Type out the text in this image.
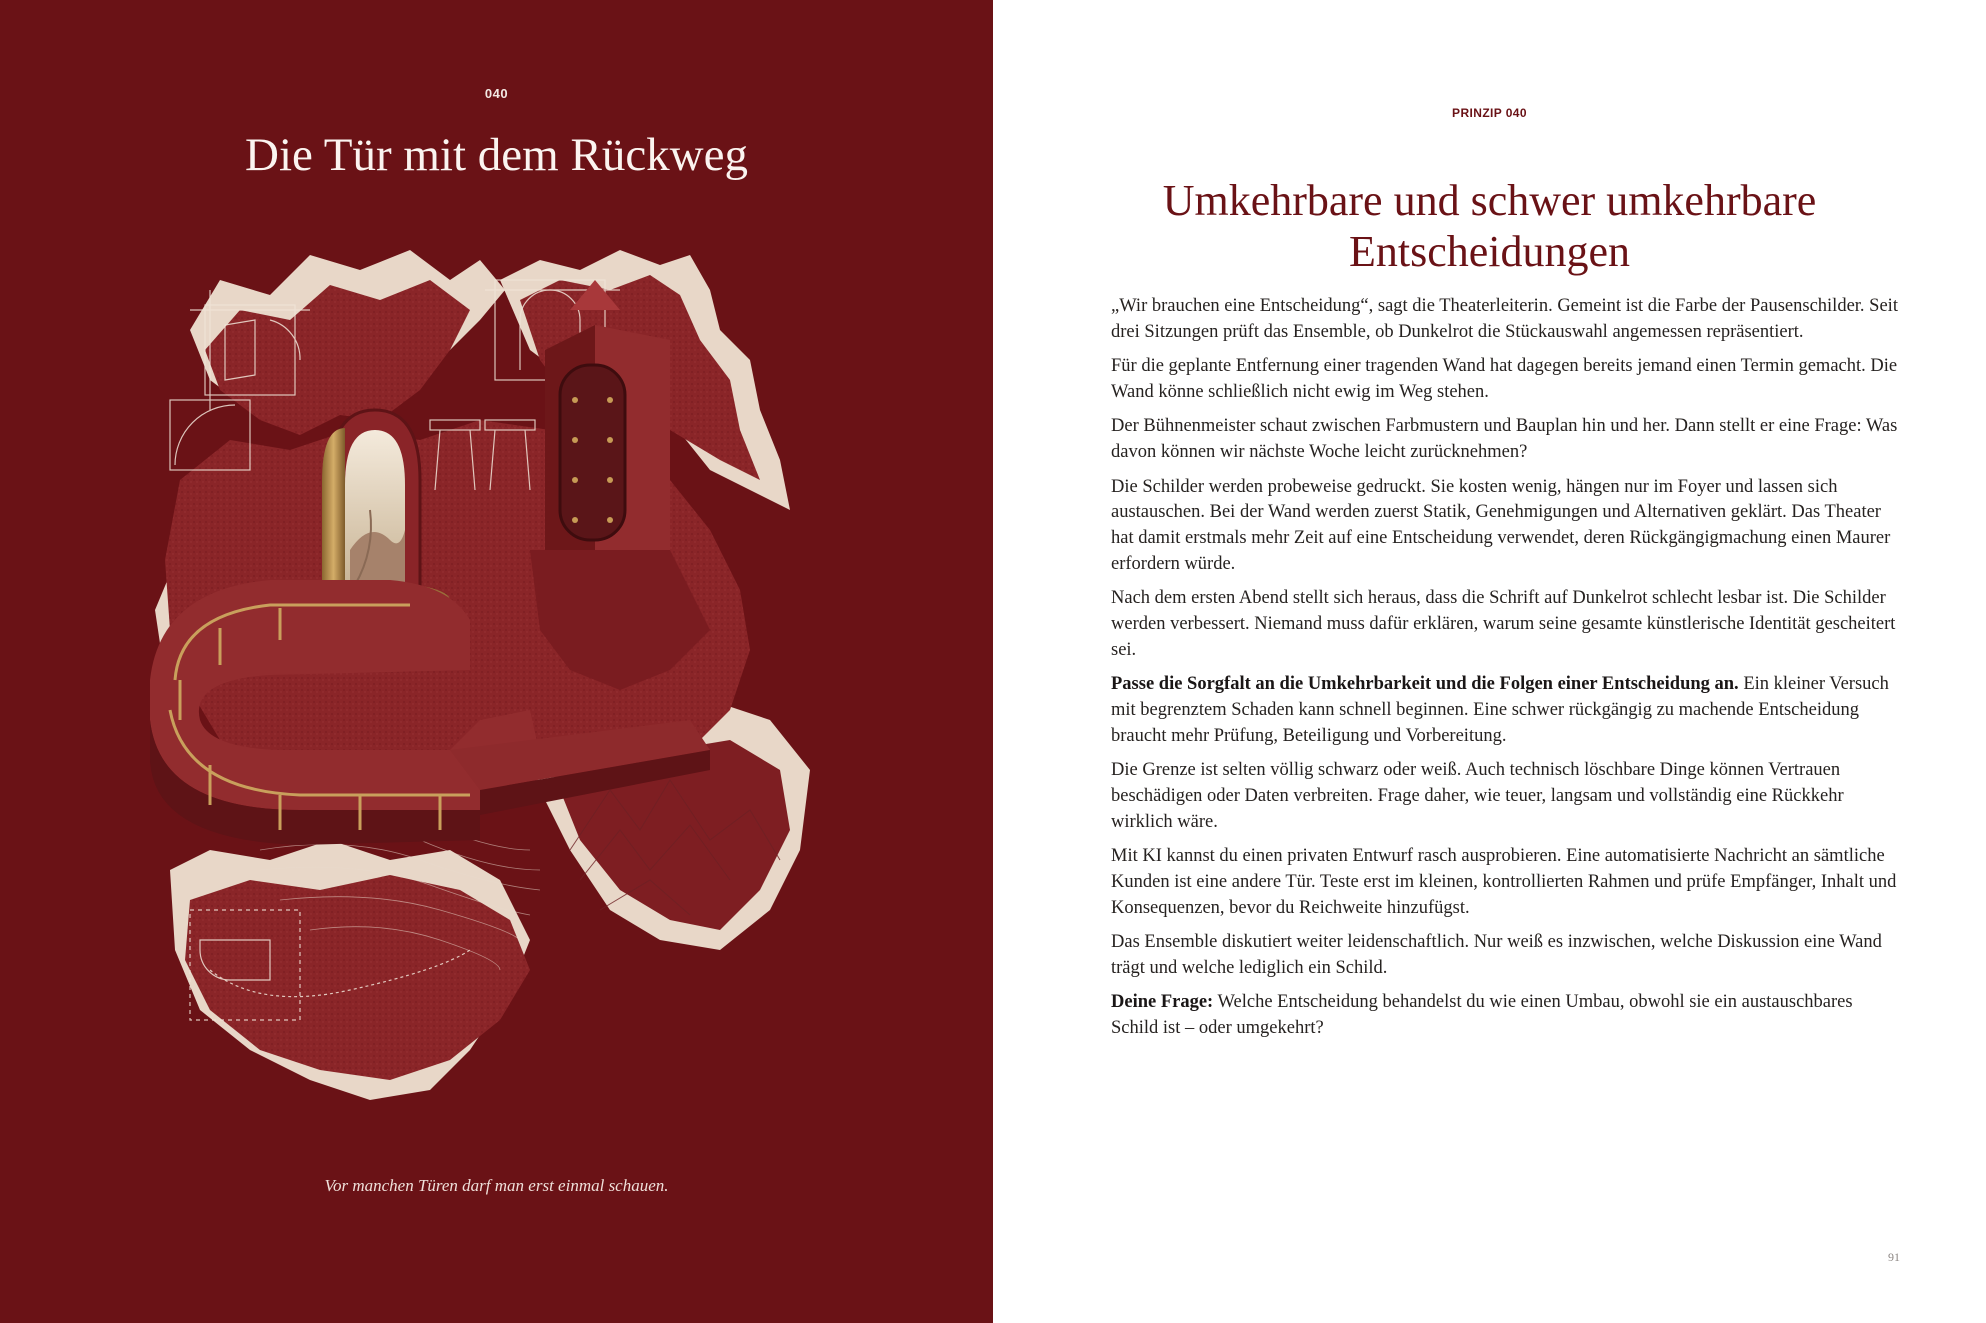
040
Die Tür mit dem Rückweg
Vor manchen Türen darf man erst einmal schauen.
PRINZIP 040
Umkehrbare und schwer umkehrbare Entscheidungen

„Wir brauchen eine Entscheidung“, sagt die Theaterleiterin. Gemeint ist die Farbe der Pausenschilder. Seit drei Sitzungen prüft das Ensemble, ob Dunkelrot die Stückauswahl angemessen repräsentiert.

Für die geplante Entfernung einer tragenden Wand hat dagegen bereits jemand einen Termin gemacht. Die Wand könne schließlich nicht ewig im Weg stehen.

Der Bühnenmeister schaut zwischen Farbmustern und Bauplan hin und her. Dann stellt er eine Frage: Was davon können wir nächste Woche leicht zurücknehmen?

Die Schilder werden probeweise gedruckt. Sie kosten wenig, hängen nur im Foyer und lassen sich austauschen. Bei der Wand werden zuerst Statik, Genehmigungen und Alternativen geklärt. Das Theater hat damit erstmals mehr Zeit auf eine Entscheidung verwendet, deren Rückgängigmachung einen Maurer erfordern würde.

Nach dem ersten Abend stellt sich heraus, dass die Schrift auf Dunkelrot schlecht lesbar ist. Die Schilder werden verbessert. Niemand muss dafür erklären, warum seine gesamte künstlerische Identität gescheitert sei.

Passe die Sorgfalt an die Umkehrbarkeit und die Folgen einer Entscheidung an. Ein kleiner Versuch mit begrenztem Schaden kann schnell beginnen. Eine schwer rückgängig zu machende Entscheidung braucht mehr Prüfung, Beteiligung und Vorbereitung.

Die Grenze ist selten völlig schwarz oder weiß. Auch technisch löschbare Dinge können Vertrauen beschädigen oder Daten verbreiten. Frage daher, wie teuer, langsam und vollständig eine Rückkehr wirklich wäre.

Mit KI kannst du einen privaten Entwurf rasch ausprobieren. Eine automatisierte Nachricht an sämtliche Kunden ist eine andere Tür. Teste erst im kleinen, kontrollierten Rahmen und prüfe Empfänger, Inhalt und Konsequenzen, bevor du Reichweite hinzufügst.

Das Ensemble diskutiert weiter leidenschaftlich. Nur weiß es inzwischen, welche Diskussion eine Wand trägt und welche lediglich ein Schild.

Deine Frage: Welche Entscheidung behandelst du wie einen Umbau, obwohl sie ein austauschbares Schild ist – oder umgekehrt?

91
